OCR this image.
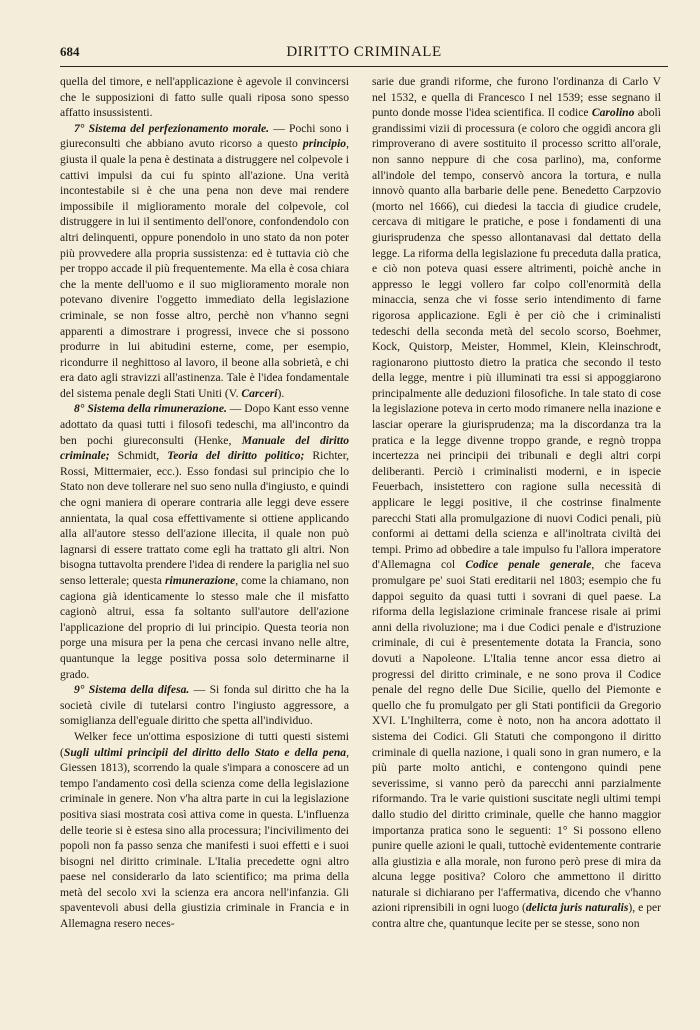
684	DIRITTO CRIMINALE

quella del timore, e nell'applicazione è agevole il convincersi che le supposizioni di fatto sulle quali riposa sono spesso affatto insussistenti.

7° Sistema del perfezionamento morale. — Pochi sono i giureconsulti che abbiano avuto ricorso a questo principio, giusta il quale la pena è destinata a distruggere nel colpevole i cattivi impulsi da cui fu spinto all'azione. Una verità incontestabile si è che una pena non deve mai rendere impossibile il miglioramento morale del colpevole, col distruggere in lui il sentimento dell'onore, confondendolo con altri delinquenti, oppure ponendolo in uno stato da non poter più provvedere alla propria sussistenza: ed è tuttavia ciò che per troppo accade il più frequentemente. Ma ella è cosa chiara che la mente dell'uomo e il suo miglioramento morale non potevano divenire l'oggetto immediato della legislazione criminale, se non fosse altro, perchè non v'hanno segni apparenti a dimostrare i progressi, invece che si possono produrre in lui abitudini esterne, come, per esempio, ricondurre il neghittoso al lavoro, il beone alla sobrietà, e chi era dato agli stravizzi all'astinenza. Tale è l'idea fondamentale del sistema penale degli Stati Uniti (V. Carceri).

8° Sistema della rimunerazione. — Dopo Kant esso venne adottato da quasi tutti i filosofi tedeschi, ma all'incontro da ben pochi giureconsulti (Henke, Manuale del diritto criminale; Schmidt, Teoria del diritto politico; Richter, Rossi, Mittermaier, ecc.). Esso fondasi sul principio che lo Stato non deve tollerare nel suo seno nulla d'ingiusto, e quindi che ogni maniera di operare contraria alle leggi deve essere annientata, la qual cosa effettivamente si ottiene applicando alla all'autore stesso dell'azione illecita, il quale non può lagnarsi di essere trattato come egli ha trattato gli altri. Non bisogna tuttavolta prendere l'idea di rendere la pariglia nel suo senso letterale; questa rimunerazione, come la chiamano, non cagiona già identicamente lo stesso male che il misfatto cagionò altrui, essa fa soltanto sull'autore dell'azione l'applicazione del proprio di lui principio. Questa teoria non porge una misura per la pena che cercasi invano nelle altre, quantunque la legge positiva possa solo determinarne il grado.

9° Sistema della difesa. — Si fonda sul diritto che ha la società civile di tutelarsi contro l'ingiusto aggressore, a somiglianza dell'eguale diritto che spetta all'individuo.

Welker fece un'ottima esposizione di tutti questi sistemi (Sugli ultimi principii del diritto dello Stato e della pena, Giessen 1813), scorrendo la quale s'impara a conoscere ad un tempo l'andamento così della scienza come della legislazione criminale in genere. Non v'ha altra parte in cui la legislazione positiva siasi mostrata così attiva come in questa. L'influenza delle teorie si è estesa sino alla processura; l'incivilimento dei popoli non fa passo senza che manifesti i suoi effetti e i suoi bisogni nel diritto criminale. L'Italia precedette ogni altro paese nel considerarlo da lato scientifico; ma prima della metà del secolo xvi la scienza era ancora nell'infanzia. Gli spaventevoli abusi della giustizia criminale in Francia e in Allemagna resero neces-

sarie due grandi riforme, che furono l'ordinanza di Carlo V nel 1532, e quella di Francesco I nel 1539; esse segnano il punto donde mosse l'idea scientifica. Il codice Carolino abolì grandissimi vizii di processura (e coloro che oggidì ancora gli rimproverano di avere sostituito il processo scritto all'orale, non sanno neppure di che cosa parlino), ma, conforme all'indole del tempo, conservò ancora la tortura, e nulla innovò quanto alla barbarie delle pene. Benedetto Carpzovio (morto nel 1666), cui diedesi la taccia di giudice crudele, cercava di mitigare le pratiche, e pose i fondamenti di una giurisprudenza che spesso allontanavasi dal dettato della legge. La riforma della legislazione fu preceduta dalla pratica, e ciò non poteva quasi essere altrimenti, poichè anche in appresso le leggi vollero far colpo coll'enormità della minaccia, senza che vi fosse serio intendimento di farne rigorosa applicazione. Egli è per ciò che i criminalisti tedeschi della seconda metà del secolo scorso, Boehmer, Kock, Quistorp, Meister, Hommel, Klein, Kleinschrodt, ragionarono piuttosto dietro la pratica che secondo il testo della legge, mentre i più illuminati tra essi si appoggiarono principalmente alle deduzioni filosofiche. In tale stato di cose la legislazione poteva in certo modo rimanere nella inazione e lasciar operare la giurisprudenza; ma la discordanza tra la pratica e la legge divenne troppo grande, e regnò troppa incertezza nei principii dei tribunali e degli altri corpi deliberanti. Perciò i criminalisti moderni, e in ispecie Feuerbach, insistettero con ragione sulla necessità di applicare le leggi positive, il che costrinse finalmente parecchi Stati alla promulgazione di nuovi Codici penali, più conformi ai dettami della scienza e all'inoltrata civiltà dei tempi. Primo ad obbedire a tale impulso fu l'allora imperatore d'Allemagna col Codice penale generale, che faceva promulgare pe' suoi Stati ereditarii nel 1803; esempio che fu dappoi seguito da quasi tutti i sovrani di quel paese. La riforma della legislazione criminale francese risale ai primi anni della rivoluzione; ma i due Codici penale e d'istruzione criminale, di cui è presentemente dotata la Francia, sono dovuti a Napoleone. L'Italia tenne ancor essa dietro ai progressi del diritto criminale, e ne sono prova il Codice penale del regno delle Due Sicilie, quello del Piemonte e quello che fu promulgato per gli Stati pontificii da Gregorio XVI. L'Inghilterra, come è noto, non ha ancora adottato il sistema dei Codici. Gli Statuti che compongono il diritto criminale di quella nazione, i quali sono in gran numero, e la più parte molto antichi, e contengono quindi pene severissime, si vanno però da parecchi anni parzialmente riformando. Tra le varie quistioni suscitate negli ultimi tempi dallo studio del diritto criminale, quelle che hanno maggior importanza pratica sono le seguenti: 1° Si possono elleno punire quelle azioni le quali, tuttochè evidentemente contrarie alla giustizia e alla morale, non furono però prese di mira da alcuna legge positiva? Coloro che ammettono il diritto naturale si dichiarano per l'affermativa, dicendo che v'hanno azioni riprensibili in ogni luogo (delicta juris naturalis), e per contra altre che, quantunque lecite per se stesse, sono non
